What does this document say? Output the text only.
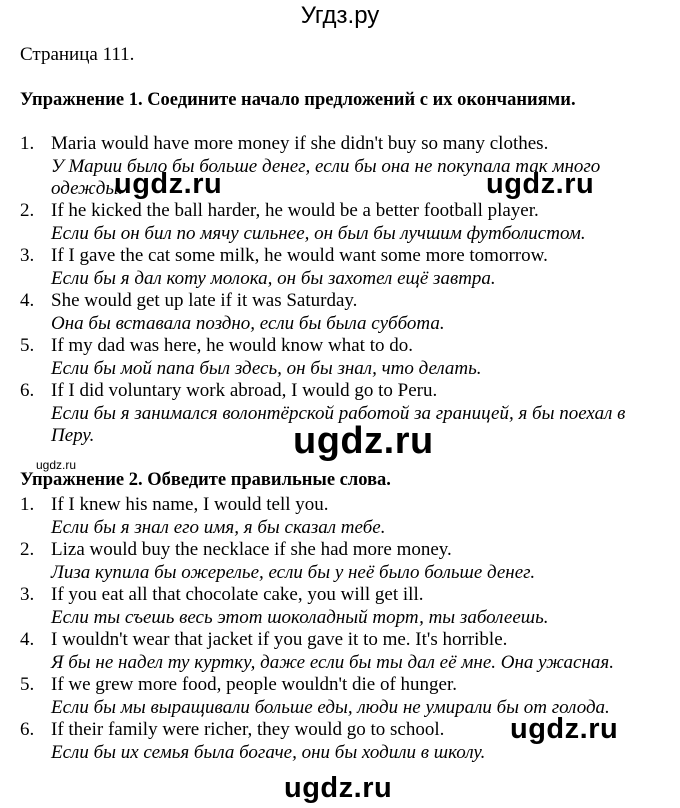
Угдз.ру
Страница 111.
Упражнение 1. Соедините начало предложений с их окончаниями.
1. Maria would have more money if she didn't buy so many clothes.
У Марии было бы больше денег, если бы она не покупала так много одежды.
2. If he kicked the ball harder, he would be a better football player.
Если бы он бил по мячу сильнее, он был бы лучшим футболистом.
3. If I gave the cat some milk, he would want some more tomorrow.
Если бы я дал коту молока, он бы захотел ещё завтра.
4. She would get up late if it was Saturday.
Она бы вставала поздно, если бы была суббота.
5. If my dad was here, he would know what to do.
Если бы мой папа был здесь, он бы знал, что делать.
6. If I did voluntary work abroad, I would go to Peru.
Если бы я занимался волонтёрской работой за границей, я бы поехал в Перу.
Упражнение 2. Обведите правильные слова.
1. If I knew his name, I would tell you.
Если бы я знал его имя, я бы сказал тебе.
2. Liza would buy the necklace if she had more money.
Лиза купила бы ожерелье, если бы у неё было больше денег.
3. If you eat all that chocolate cake, you will get ill.
Если ты съешь весь этот шоколадный торт, ты заболеешь.
4. I wouldn't wear that jacket if you gave it to me. It's horrible.
Я бы не надел ту куртку, даже если бы ты дал её мне. Она ужасная.
5. If we grew more food, people wouldn't die of hunger.
Если бы мы выращивали больше еды, люди не умирали бы от голода.
6. If their family were richer, they would go to school.
Если бы их семья была богаче, они бы ходили в школу.
ugdz.ru	ugdz.ru
ugdz.ru
ugdz.ru
ugdz.ru
ugdz.ru
